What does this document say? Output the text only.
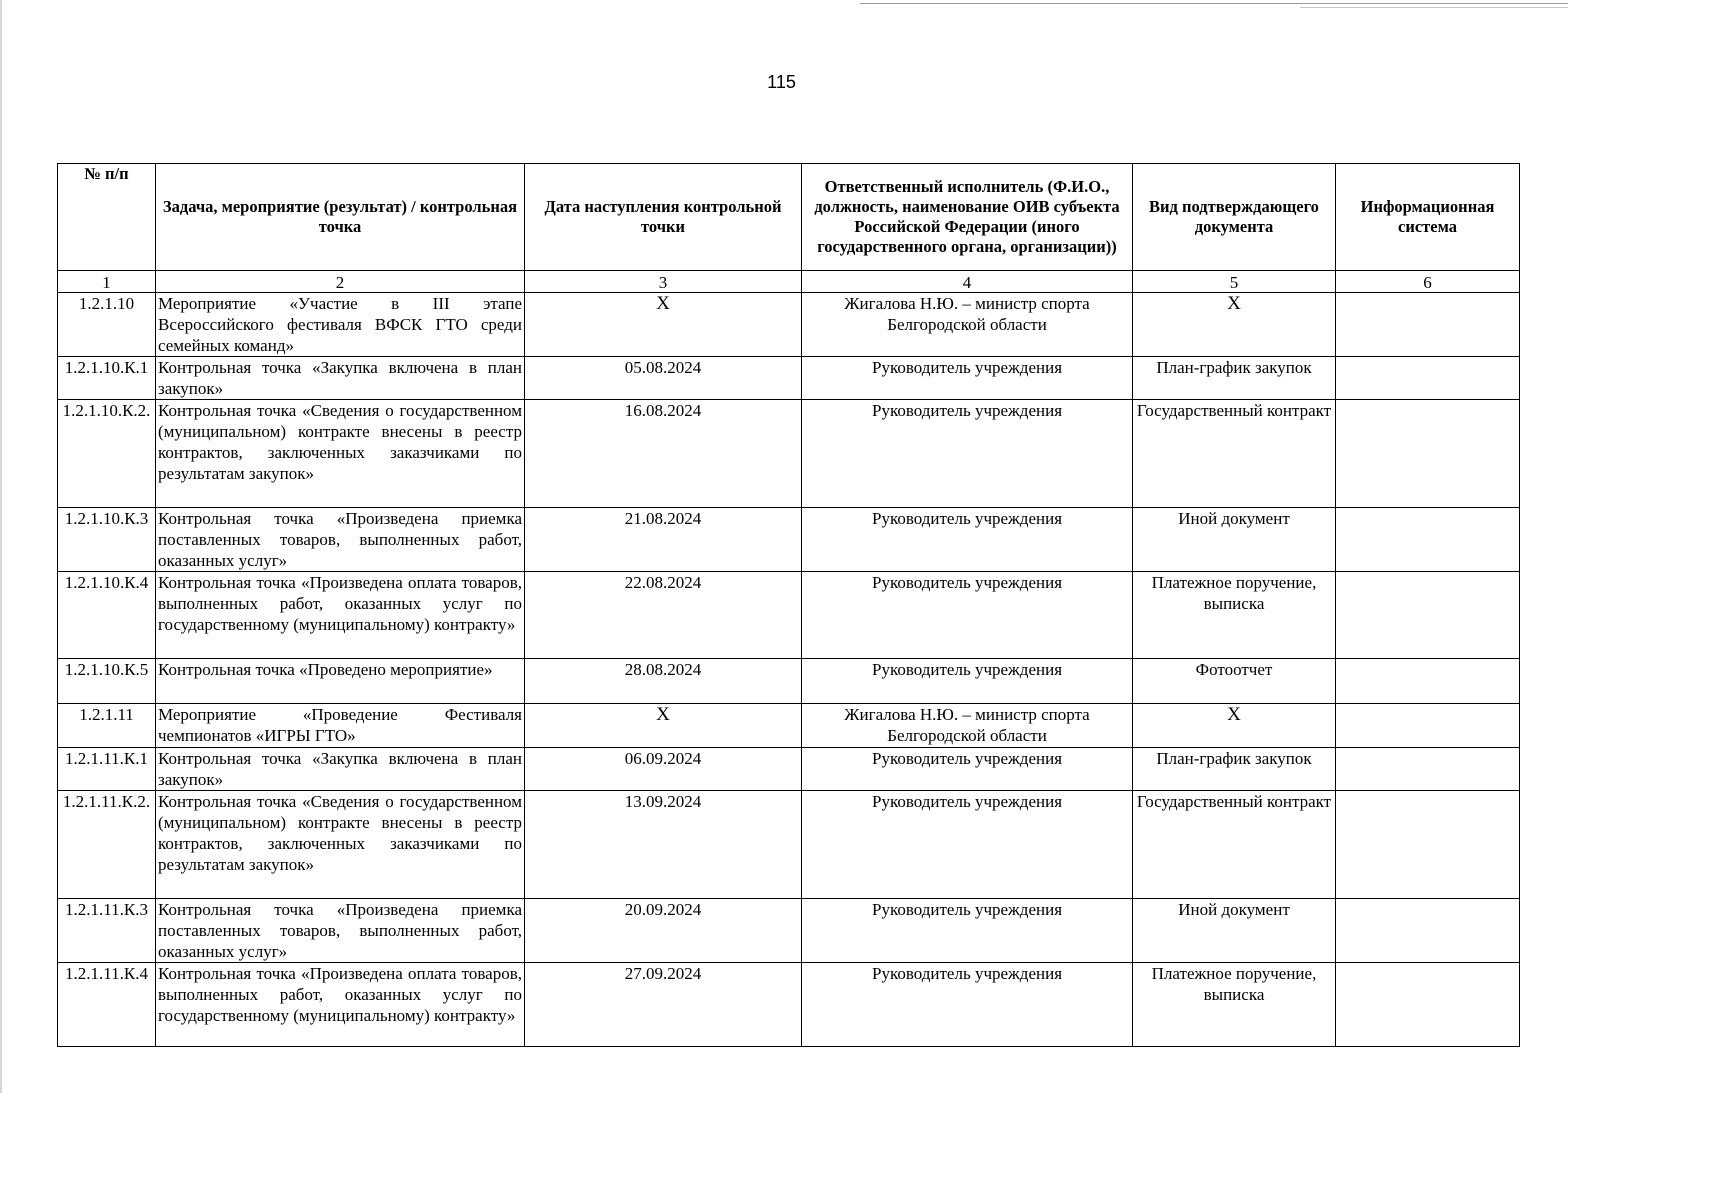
115
№ п/п	Задача, мероприятие (результат) / контрольная точка	Дата наступления контрольной точки	Ответственный исполнитель (Ф.И.О., должность, наименование ОИВ субъекта Российской Федерации (иного государственного органа, организации))	Вид подтверждающего документа	Информационная система
1	2	3	4	5	6
1.2.1.10	Мероприятие «Участие в III этапе Всероссийского фестиваля ВФСК ГТО среди семейных команд»	Х	Жигалова Н.Ю. – министр спорта Белгородской области	Х	
1.2.1.10.К.1	Контрольная точка «Закупка включена в план закупок»	05.08.2024	Руководитель учреждения	План-график закупок	
1.2.1.10.К.2.	Контрольная точка «Сведения о государственном (муниципальном) контракте внесены в реестр контрактов, заключенных заказчиками по результатам закупок»	16.08.2024	Руководитель учреждения	Государственный контракт	
1.2.1.10.К.3	Контрольная точка «Произведена приемка поставленных товаров, выполненных работ, оказанных услуг»	21.08.2024	Руководитель учреждения	Иной документ	
1.2.1.10.К.4	Контрольная точка «Произведена оплата товаров, выполненных работ, оказанных услуг по государственному (муниципальному) контракту»	22.08.2024	Руководитель учреждения	Платежное поручение, выписка	
1.2.1.10.К.5	Контрольная точка «Проведено мероприятие»	28.08.2024	Руководитель учреждения	Фотоотчет	
1.2.1.11	Мероприятие «Проведение Фестиваля чемпионатов «ИГРЫ ГТО»	Х	Жигалова Н.Ю. – министр спорта Белгородской области	Х	
1.2.1.11.К.1	Контрольная точка «Закупка включена в план закупок»	06.09.2024	Руководитель учреждения	План-график закупок	
1.2.1.11.К.2.	Контрольная точка «Сведения о государственном (муниципальном) контракте внесены в реестр контрактов, заключенных заказчиками по результатам закупок»	13.09.2024	Руководитель учреждения	Государственный контракт	
1.2.1.11.К.3	Контрольная точка «Произведена приемка поставленных товаров, выполненных работ, оказанных услуг»	20.09.2024	Руководитель учреждения	Иной документ	
1.2.1.11.К.4	Контрольная точка «Произведена оплата товаров, выполненных работ, оказанных услуг по государственному (муниципальному) контракту»	27.09.2024	Руководитель учреждения	Платежное поручение, выписка	
